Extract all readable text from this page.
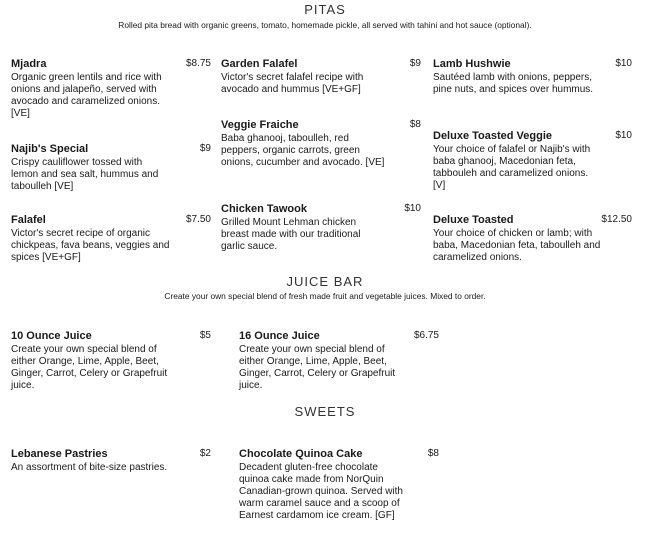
PITAS
Rolled pita bread with organic greens, tomato, homemade pickle, all served with tahini and hot sauce (optional).
Mjadra	$8.75
Organic green lentils and rice with onions and jalapeño, served with avocado and caramelized onions. [VE]
Najib's Special	$9
Crispy cauliflower tossed with lemon and sea salt, hummus and taboulleh [VE]
Falafel	$7.50
Victor's secret recipe of organic chickpeas, fava beans, veggies and spices [VE+GF]
Garden Falafel	$9
Victor's secret falafel recipe with avocado and hummus [VE+GF]
Veggie Fraiche	$8
Baba ghanooj, taboulleh, red peppers, organic carrots, green onions, cucumber and avocado. [VE]
Chicken Tawook	$10
Grilled Mount Lehman chicken breast made with our traditional garlic sauce.
Lamb Hushwie	$10
Sautéed lamb with onions, peppers, pine nuts, and spices over hummus.
Deluxe Toasted Veggie	$10
Your choice of falafel or Najib's with baba ghanooj, Macedonian feta, tabbouleh and caramelized onions. [V]
Deluxe Toasted	$12.50
Your choice of chicken or lamb; with baba, Macedonian feta, taboulleh and caramelized onions.
JUICE BAR
Create your own special blend of fresh made fruit and vegetable juices. Mixed to order.
10 Ounce Juice	$5
Create your own special blend of either Orange, Lime, Apple, Beet, Ginger, Carrot, Celery or Grapefruit juice.
16 Ounce Juice	$6.75
Create your own special blend of either Orange, Lime, Apple, Beet, Ginger, Carrot, Celery or Grapefruit juice.
SWEETS
Lebanese Pastries	$2
An assortment of bite-size pastries.
Chocolate Quinoa Cake	$8
Decadent gluten-free chocolate quinoa cake made from NorQuin Canadian-grown quinoa. Served with warm caramel sauce and a scoop of Earnest cardamom ice cream. [GF]
